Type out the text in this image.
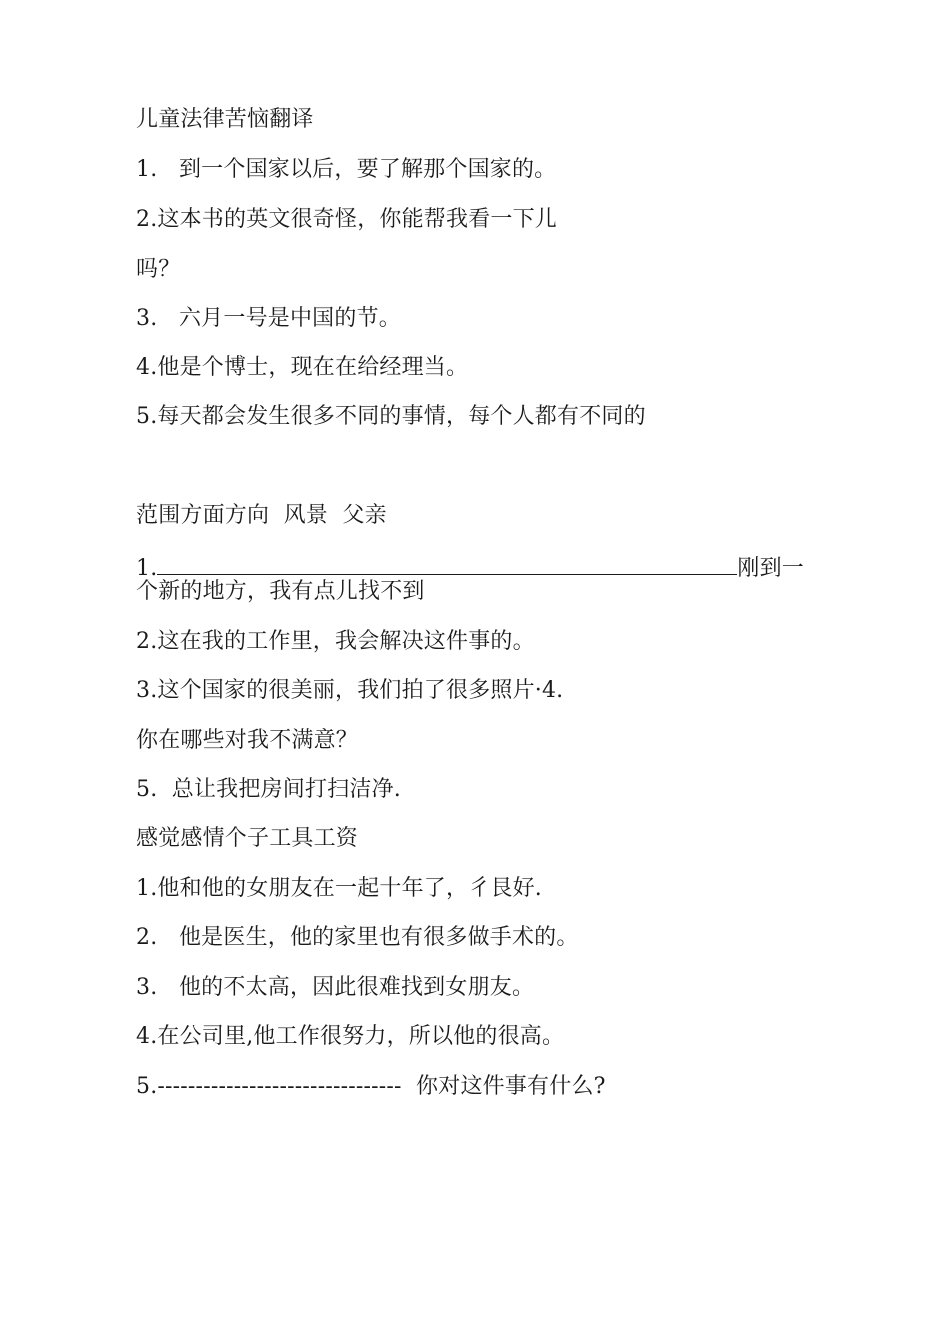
儿童法律苦恼翻译
1.   到一个国家以后，要了解那个国家的。
2.这本书的英文很奇怪，你能帮我看一下儿
吗？
3.   六月一号是中国的节。
4.他是个博士，现在在给经理当。
5.每天都会发生很多不同的事情，每个人都有不同的
范围方面方向  风景  父亲
1.	刚到一
个新的地方，我有点儿找不到
2.这在我的工作里，我会解决这件事的。
3.这个国家的很美丽，我们拍了很多照片·4.
你在哪些对我不满意？
5.  总让我把房间打扫洁净.
感觉感情个子工具工资
1.他和他的女朋友在一起十年了，彳艮好.
2.   他是医生，他的家里也有很多做手术的。
3.   他的不太高，因此很难找到女朋友。
4.在公司里,他工作很努力，所以他的很高。
5.--------------------------------  你对这件事有什么?
